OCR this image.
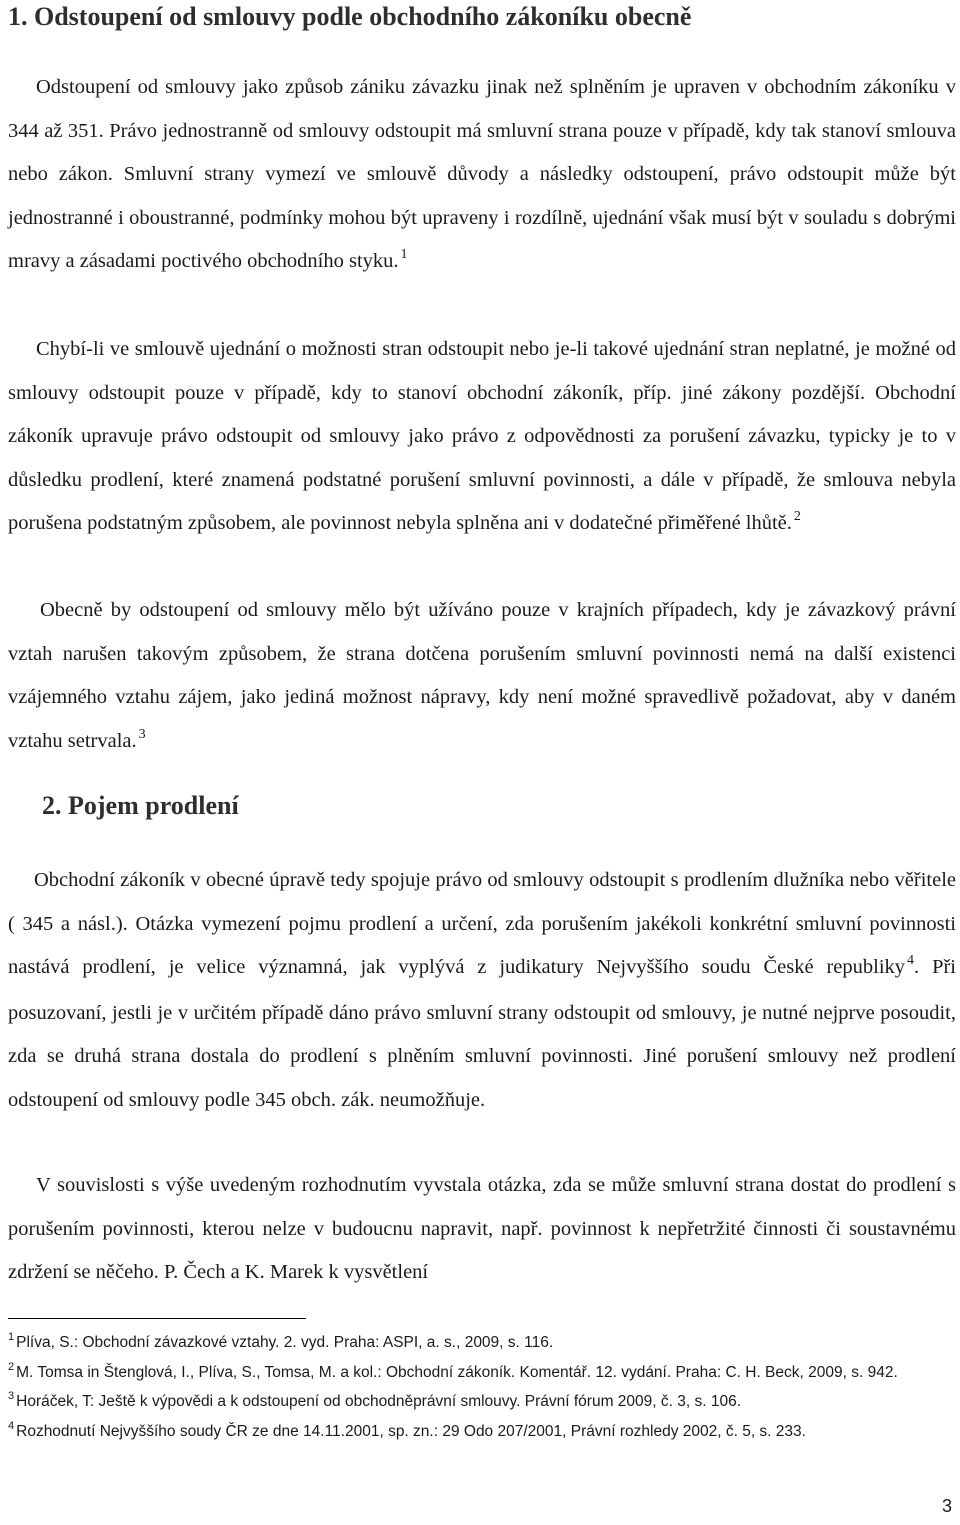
1. Odstoupení od smlouvy podle obchodního zákoníku obecně

Odstoupení od smlouvy jako způsob zániku závazku jinak než splněním je upraven v obchodním zákoníku v 344 až 351. Právo jednostranně od smlouvy odstoupit má smluvní strana pouze v případě, kdy tak stanoví smlouva nebo zákon. Smluvní strany vymezí ve smlouvě důvody a následky odstoupení, právo odstoupit může být jednostranné i oboustranné, podmínky mohou být upraveny i rozdílně, ujednání však musí být v souladu s dobrými mravy a zásadami poctivého obchodního styku. $^1$

Chybí-li ve smlouvě ujednání o možnosti stran odstoupit nebo je-li takové ujednání stran neplatné, je možné od smlouvy odstoupit pouze v případě, kdy to stanoví obchodní zákoník, příp. jiné zákony pozdější. Obchodní zákoník upravuje právo odstoupit od smlouvy jako právo z odpovědnosti za porušení závazku, typicky je to v důsledku prodlení, které znamená podstatné porušení smluvní povinnosti, a dále v případě, že smlouva nebyla porušena podstatným způsobem, ale povinnost nebyla splněna ani v dodatečné přiměřené lhůtě. $^2$

Obecně by odstoupení od smlouvy mělo být užíváno pouze v krajních případech, kdy je závazkový právní vztah narušen takovým způsobem, že strana dotčena porušením smluvní povinnosti nemá na další existenci vzájemného vztahu zájem, jako jediná možnost nápravy, kdy není možné spravedlivě požadovat, aby v daném vztahu setrvala. $^3$

2. Pojem prodlení

Obchodní zákoník v obecné úpravě tedy spojuje právo od smlouvy odstoupit s prodlením dlužníka nebo věřitele ( 345 a násl.). Otázka vymezení pojmu prodlení a určení, zda porušením jakékoli konkrétní smluvní povinnosti nastává prodlení, je velice významná, jak vyplývá z judikatury Nejvyššího soudu České republiky $^4$. Při posuzovaní, jestli je v určitém případě dáno právo smluvní strany odstoupit od smlouvy, je nutné nejprve posoudit, zda se druhá strana dostala do prodlení s plněním smluvní povinnosti. Jiné porušení smlouvy než prodlení odstoupení od smlouvy podle 345 obch. zák. neumožňuje.

V souvislosti s výše uvedeným rozhodnutím vyvstala otázka, zda se může smluvní strana dostat do prodlení s porušením povinnosti, kterou nelze v budoucnu napravit, např. povinnost k nepřetržité činnosti či soustavnému zdržení se něčeho. P. Čech a K. Marek k vysvětlení

$^1$ Plíva, S.: Obchodní závazkové vztahy. 2. vyd. Praha: ASPI, a. s., 2009, s. 116.

$^2$ M. Tomsa in Štenglová, I., Plíva, S., Tomsa, M. a kol.: Obchodní zákoník. Komentář. 12. vydání. Praha: C. H. Beck, 2009, s. 942.

$^3$ Horáček, T: Ještě k výpovědi a k odstoupení od obchodněprávní smlouvy. Právní fórum 2009, č. 3, s. 106.

$^4$ Rozhodnutí Nejvyššího soudy ČR ze dne 14.11.2001, sp. zn.: 29 Odo 207/2001, Právní rozhledy 2002, č. 5, s. 233.

3
